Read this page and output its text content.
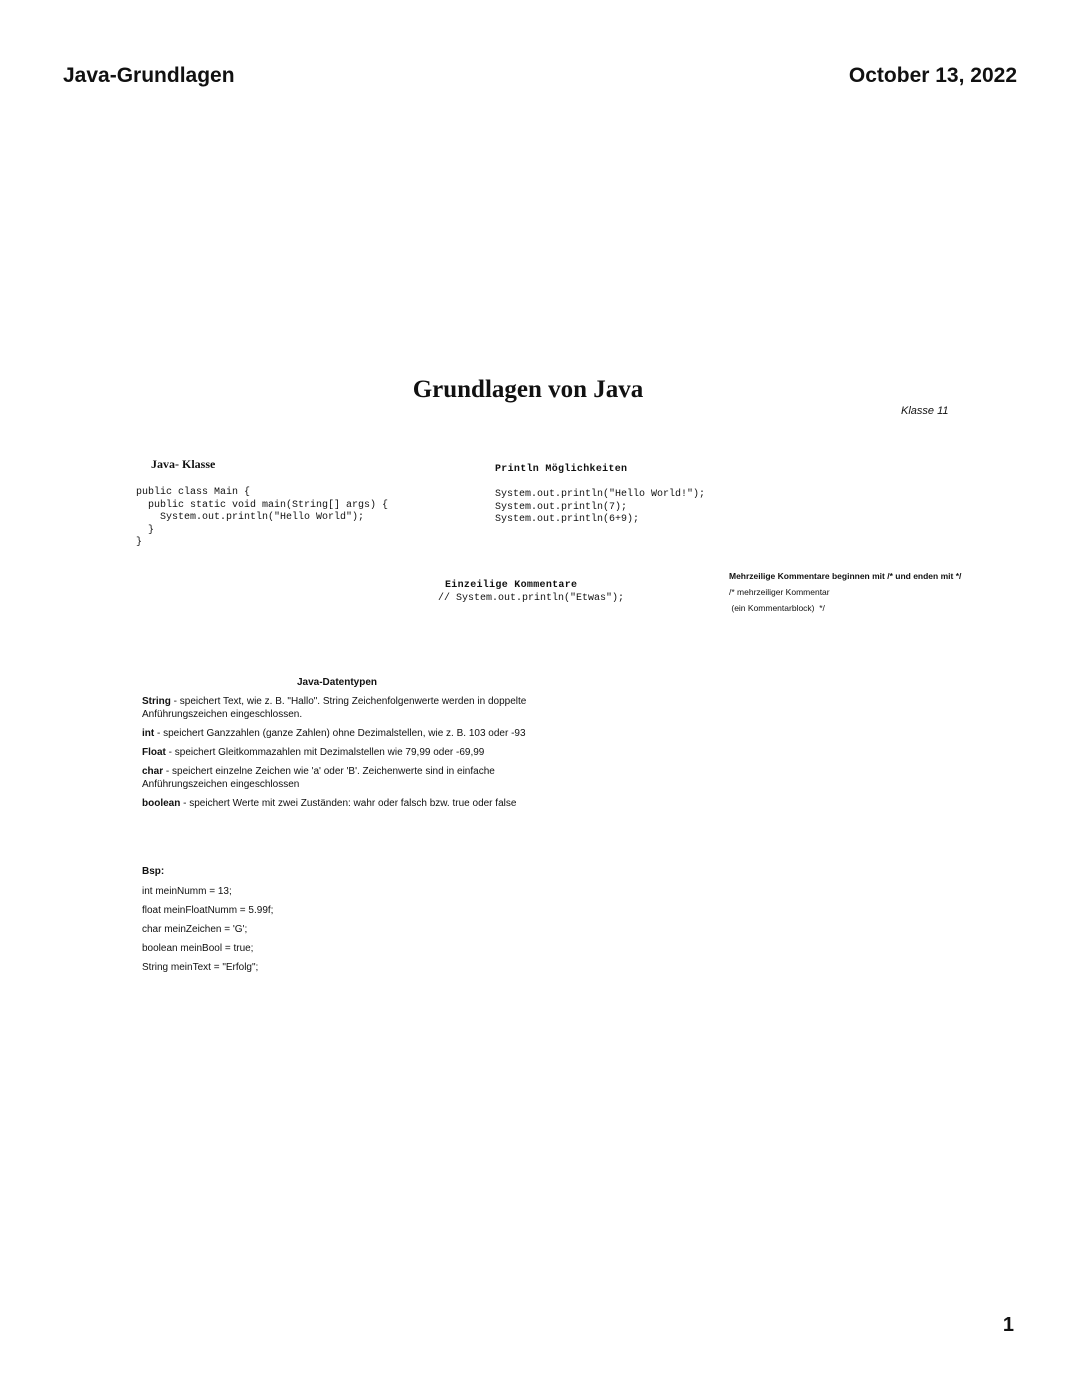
Java-Grundlagen	October 13, 2022
Grundlagen von Java
Klasse 11
Java- Klasse
public class Main {
public static void main(String[] args) {
System.out.println("Hello World");
}
}
Println Möglichkeiten
System.out.println("Hello World!");
System.out.println(7);
System.out.println(6+9);
Einzeilige Kommentare
// System.out.println("Etwas");
Mehrzeilige Kommentare beginnen mit /* und enden mit */
/* mehrzeiliger Kommentar
(ein Kommentarblock)  */
Java-Datentypen
String - speichert Text, wie z. B. "Hallo". String Zeichenfolgenwerte werden in doppelte Anführungszeichen eingeschlossen.
int - speichert Ganzzahlen (ganze Zahlen) ohne Dezimalstellen, wie z. B. 103 oder -93
Float - speichert Gleitkommazahlen mit Dezimalstellen wie 79,99 oder -69,99
char - speichert einzelne Zeichen wie 'a' oder 'B'. Zeichenwerte sind in einfache Anführungszeichen eingeschlossen
boolean - speichert Werte mit zwei Zuständen: wahr oder falsch bzw. true oder false
Bsp:
int meinNumm = 13;
float meinFloatNumm = 5.99f;
char meinZeichen = 'G';
boolean meinBool = true;
String meinText = "Erfolg";
1
